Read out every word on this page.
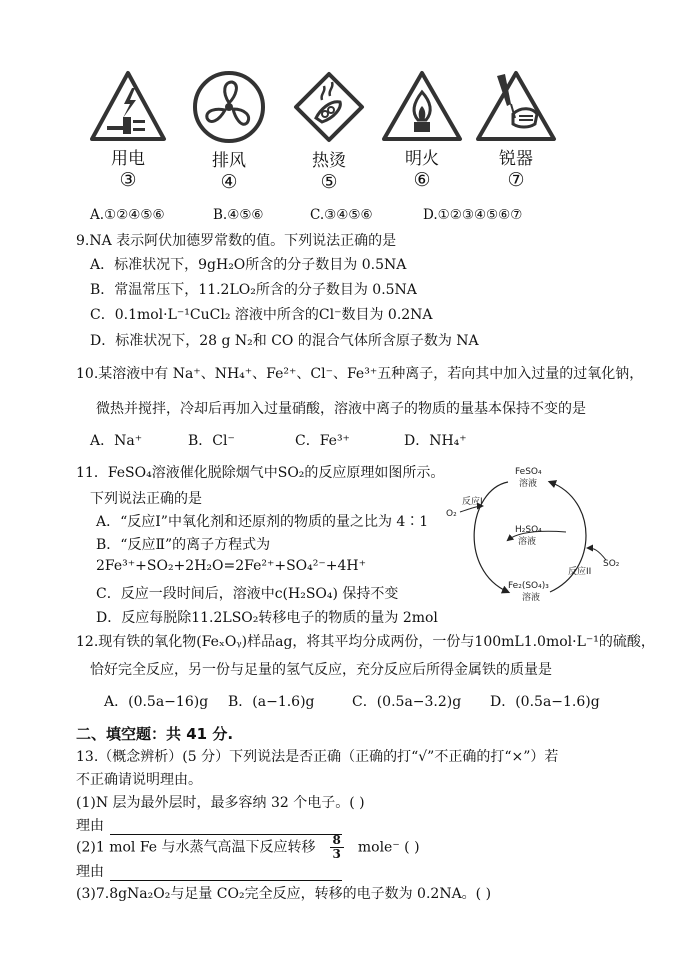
用电
③
排风
④
热烫
⑤
明火
⑥
锐器
⑦
A.①②④⑤⑥	B.④⑤⑥	C.③④⑤⑥	D.①②③④⑤⑥⑦
9.NA 表示阿伏加德罗常数的值。下列说法正确的是
A．标准状况下，9gH₂O所含的分子数目为 0.5NA
B．常温常压下，11.2LO₂所含的分子数目为 0.5NA
C．0.1mol·L⁻¹CuCl₂ 溶液中所含的Cl⁻数目为 0.2NA
D．标准状况下，28 g N₂和 CO 的混合气体所含原子数为 NA
10.某溶液中有 Na⁺、NH₄⁺、Fe²⁺、Cl⁻、Fe³⁺五种离子，若向其中加入过量的过氧化钠，
微热并搅拌，冷却后再加入过量硝酸，溶液中离子的物质的量基本保持不变的是
A．Na⁺	B．Cl⁻	C．Fe³⁺	D．NH₄⁺
11．FeSO₄溶液催化脱除烟气中SO₂的反应原理如图所示。
下列说法正确的是
A．“反应Ⅰ”中氧化剂和还原剂的物质的量之比为 4∶1
B．“反应Ⅱ”的离子方程式为
2Fe³⁺+SO₂+2H₂O=2Fe²⁺+SO₄²⁻+4H⁺
C．反应一段时间后，溶液中c(H₂SO₄) 保持不变
D．反应每脱除11.2LSO₂转移电子的物质的量为 2mol
FeSO₄
溶液
H₂SO₄
溶液
Fe₂(SO₄)₃
溶液
反应I
反应II
O₂
SO₂
12.现有铁的氧化物(FeₓOᵧ)样品ag，将其平均分成两份，一份与100mL1.0mol·L⁻¹的硫酸，
恰好完全反应，另一份与足量的氢气反应，充分反应后所得金属铁的质量是
A．(0.5a−16)g B．(a−1.6)g	C．(0.5a−3.2)g D．(0.5a−1.6)g
二、填空题：共 41 分.
13.（概念辨析）(5 分）下列说法是否正确（正确的打“√”不正确的打“×”）若
不正确请说明理由。
(1)N 层为最外层时，最多容纳 32 个电子。( )
理由
(2)1 mol Fe 与水蒸气高温下反应转移 $\frac{8}{3}$ mole⁻ ( )
理由
(3)7.8gNa₂O₂与足量 CO₂完全反应，转移的电子数为 0.2NA。( )
